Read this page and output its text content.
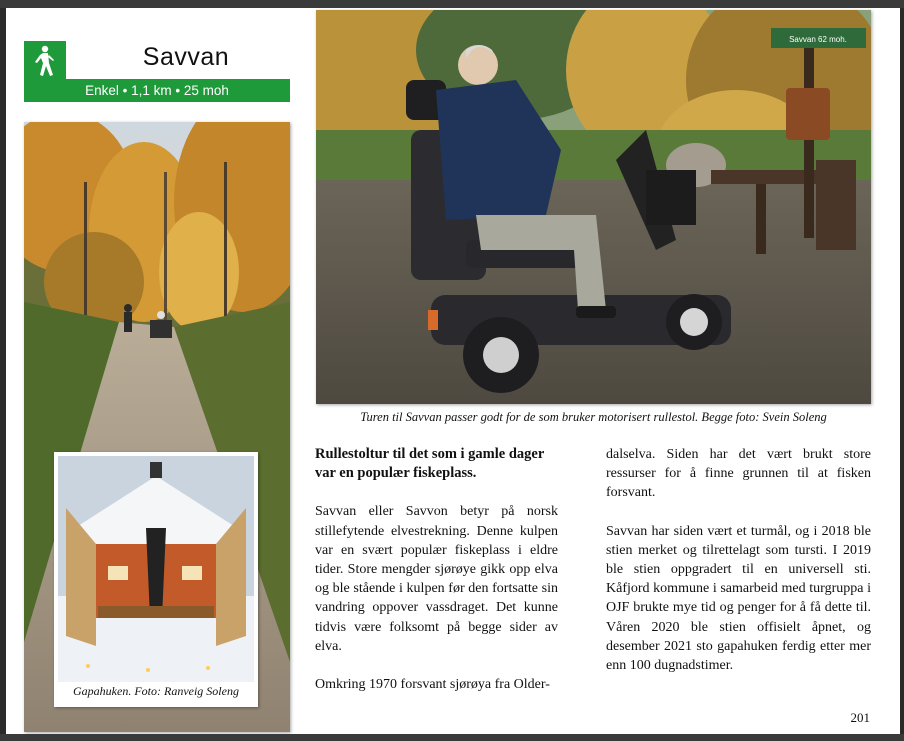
Savvan
Enkel • 1,1 km • 25 moh
Gapahuken. Foto: Ranveig Soleng
Savvan 62 moh.
Turen til Savvan passer godt for de som bruker motorisert rullestol. Begge foto: Svein Soleng
Rullestoltur til det som i gamle dager var en populær fiskeplass.

Savvan eller Savvon betyr på norsk stillefytende elvestrekning. Denne kulpen var en svært populær fiskeplass i eldre tider. Store mengder sjørøye gikk opp elva og ble stående i kulpen før den fortsatte sin vandring oppover vassdraget. Det kunne tidvis være folksomt på begge sider av elva.

Omkring 1970 forsvant sjørøya fra Older-

dalselva. Siden har det vært brukt store ressurser for å finne grunnen til at fisken forsvant.

Savvan har siden vært et turmål, og i 2018 ble stien merket og tilrettelagt som tursti. I 2019 ble stien oppgradert til en universell sti. Kåfjord kommune i samarbeid med turgruppa i OJF brukte mye tid og penger for å få dette til. Våren 2020 ble stien offisielt åpnet, og desember 2021 sto gapahuken ferdig etter mer enn 100 dugnadstimer.

201
